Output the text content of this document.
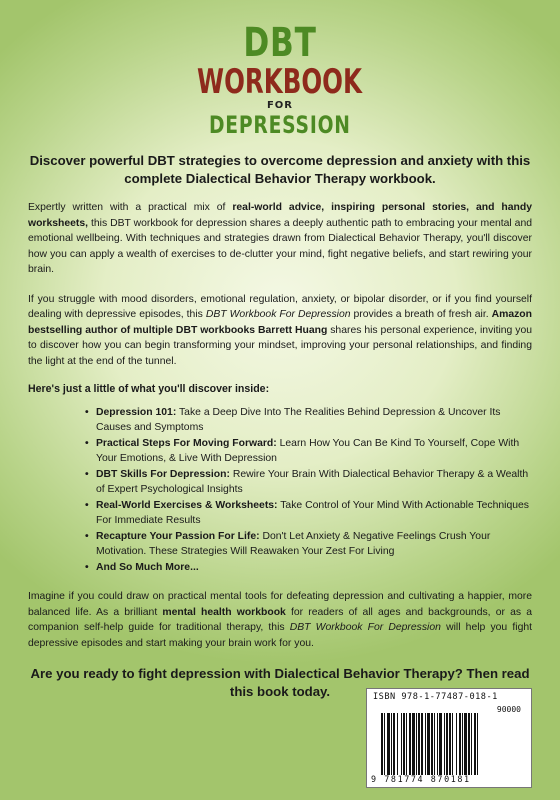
DBT
WORKBOOK
FOR
DEPRESSION

Discover powerful DBT strategies to overcome depression and anxiety with this complete Dialectical Behavior Therapy workbook.

Expertly written with a practical mix of real-world advice, inspiring personal stories, and handy worksheets, this DBT workbook for depression shares a deeply authentic path to embracing your mental and emotional wellbeing. With techniques and strategies drawn from Dialectical Behavior Therapy, you'll discover how you can apply a wealth of exercises to de-clutter your mind, fight negative beliefs, and start rewiring your brain.

If you struggle with mood disorders, emotional regulation, anxiety, or bipolar disorder, or if you find yourself dealing with depressive episodes, this DBT Workbook For Depression provides a breath of fresh air. Amazon bestselling author of multiple DBT workbooks Barrett Huang shares his personal experience, inviting you to discover how you can begin transforming your mindset, improving your personal relationships, and finding the light at the end of the tunnel.

Here's just a little of what you'll discover inside:

• Depression 101: Take a Deep Dive Into The Realities Behind Depression & Uncover Its Causes and Symptoms
• Practical Steps For Moving Forward: Learn How You Can Be Kind To Yourself, Cope With Your Emotions, & Live With Depression
• DBT Skills For Depression: Rewire Your Brain With Dialectical Behavior Therapy & a Wealth of Expert Psychological Insights
• Real-World Exercises & Worksheets: Take Control of Your Mind With Actionable Techniques For Immediate Results
• Recapture Your Passion For Life: Don't Let Anxiety & Negative Feelings Crush Your Motivation. These Strategies Will Reawaken Your Zest For Living
• And So Much More...

Imagine if you could draw on practical mental tools for defeating depression and cultivating a happier, more balanced life. As a brilliant mental health workbook for readers of all ages and backgrounds, or as a companion self-help guide for traditional therapy, this DBT Workbook For Depression will help you fight depressive episodes and start making your brain work for you.

Are you ready to fight depression with Dialectical Behavior Therapy? Then read this book today.	ISBN 978-1-77487-018-1
90000
9 781774 870181
